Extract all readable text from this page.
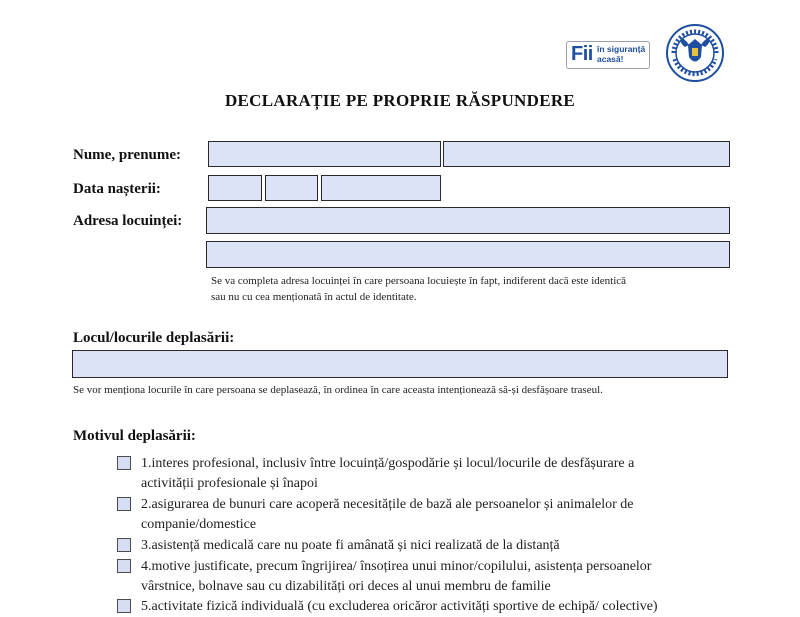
Fii în siguranță
acasă!
DECLARAȚIE PE PROPRIE RĂSPUNDERE
Nume, prenume:
Data nașterii:
Adresa locuinței:
Se va completa adresa locuinței în care persoana locuiește în fapt, indiferent dacă este identică
sau nu cu cea menționată în actul de identitate.
Locul/locurile deplasării:
Se vor menționa locurile în care persoana se deplasează, în ordinea în care aceasta intenționează să-și desfășoare traseul.
Motivul deplasării:
1.interes profesional, inclusiv între locuință/gospodărie și locul/locurile de desfășurare a
activității profesionale și înapoi
2.asigurarea de bunuri care acoperă necesitățile de bază ale persoanelor și animalelor de
companie/domestice
3.asistență medicală care nu poate fi amânată și nici realizată de la distanță
4.motive justificate, precum îngrijirea/ însoțirea unui minor/copilului, asistența persoanelor
vârstnice, bolnave sau cu dizabilități ori deces al unui membru de familie
5.activitate fizică individuală (cu excluderea oricăror activități sportive de echipă/ colective)
